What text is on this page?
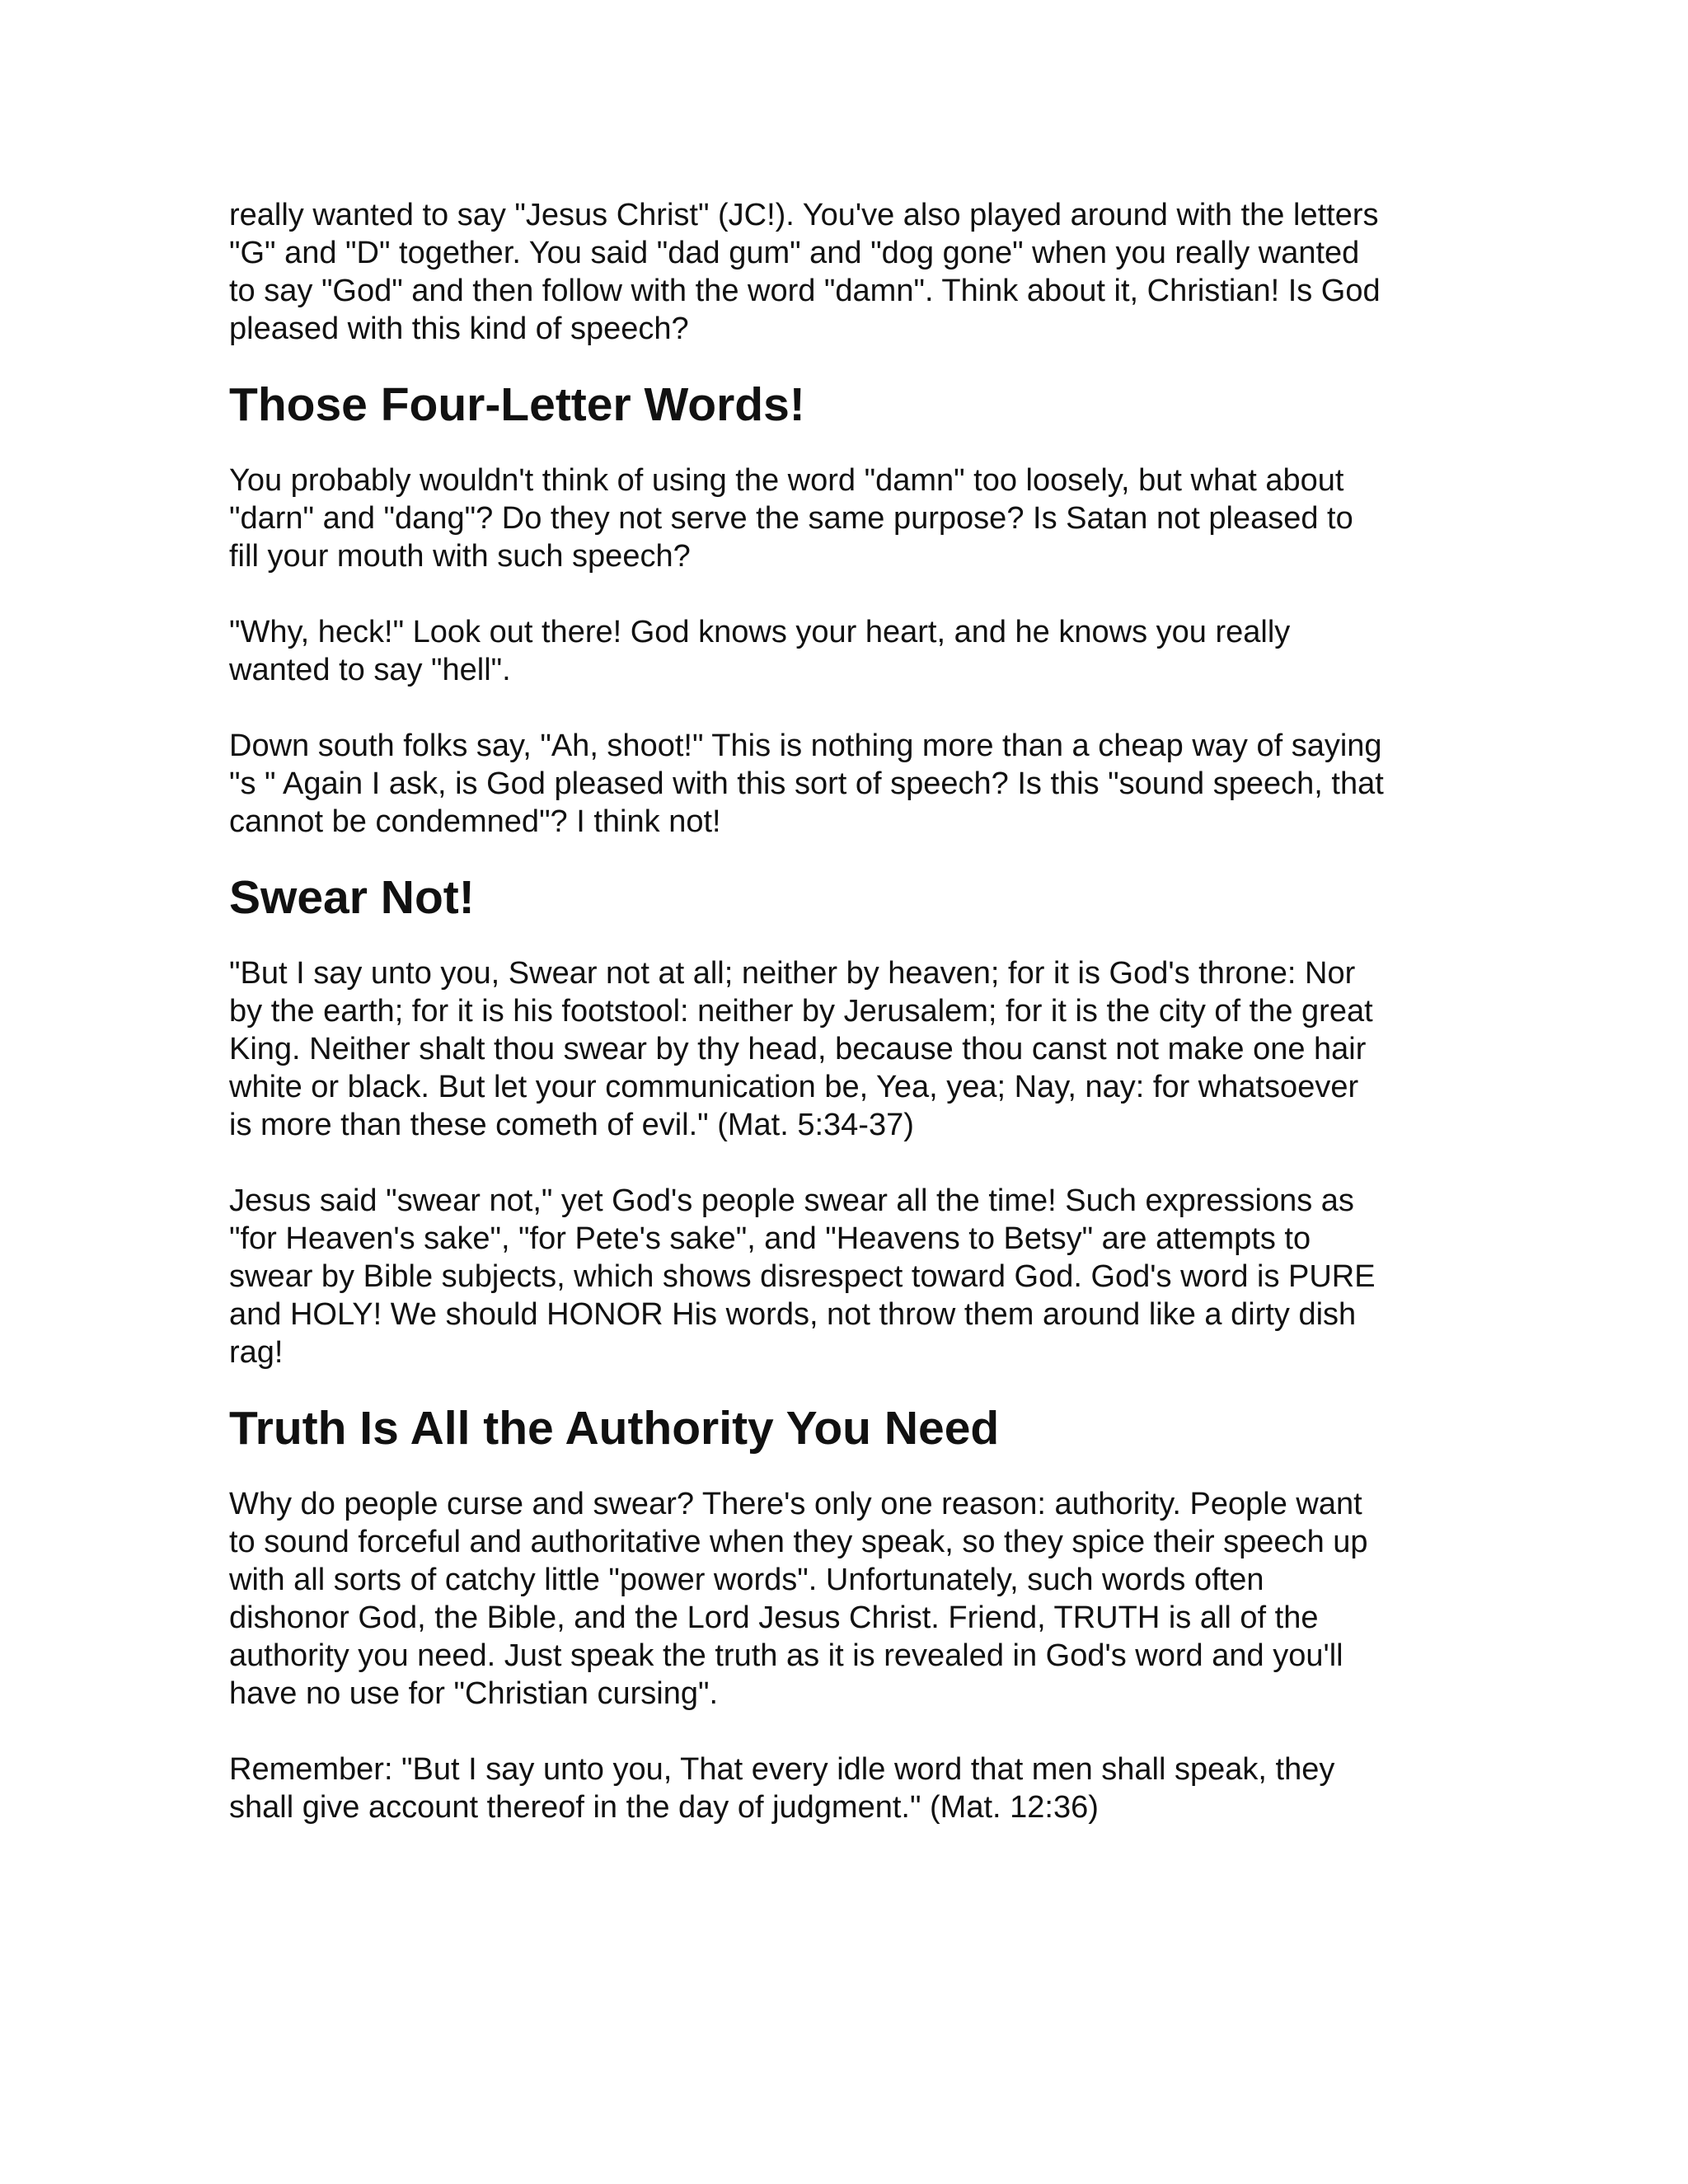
really wanted to say "Jesus Christ" (JC!). You've also played around with the letters
"G" and "D" together. You said "dad gum" and "dog gone" when you really wanted
to say "God" and then follow with the word "damn". Think about it, Christian! Is God
pleased with this kind of speech?

Those Four-Letter Words!

You probably wouldn't think of using the word "damn" too loosely, but what about
"darn" and "dang"? Do they not serve the same purpose? Is Satan not pleased to
fill your mouth with such speech?

"Why, heck!" Look out there! God knows your heart, and he knows you really
wanted to say "hell".

Down south folks say, "Ah, shoot!" This is nothing more than a cheap way of saying
"s " Again I ask, is God pleased with this sort of speech? Is this "sound speech, that
cannot be condemned"? I think not!

Swear Not!

"But I say unto you, Swear not at all; neither by heaven; for it is God's throne: Nor
by the earth; for it is his footstool: neither by Jerusalem; for it is the city of the great
King. Neither shalt thou swear by thy head, because thou canst not make one hair
white or black. But let your communication be, Yea, yea; Nay, nay: for whatsoever
is more than these cometh of evil." (Mat. 5:34-37)

Jesus said "swear not," yet God's people swear all the time! Such expressions as
"for Heaven's sake", "for Pete's sake", and "Heavens to Betsy" are attempts to
swear by Bible subjects, which shows disrespect toward God. God's word is PURE
and HOLY! We should HONOR His words, not throw them around like a dirty dish
rag!

Truth Is All the Authority You Need

Why do people curse and swear? There's only one reason: authority. People want
to sound forceful and authoritative when they speak, so they spice their speech up
with all sorts of catchy little "power words". Unfortunately, such words often
dishonor God, the Bible, and the Lord Jesus Christ. Friend, TRUTH is all of the
authority you need. Just speak the truth as it is revealed in God's word and you'll
have no use for "Christian cursing".

Remember: "But I say unto you, That every idle word that men shall speak, they
shall give account thereof in the day of judgment." (Mat. 12:36)
